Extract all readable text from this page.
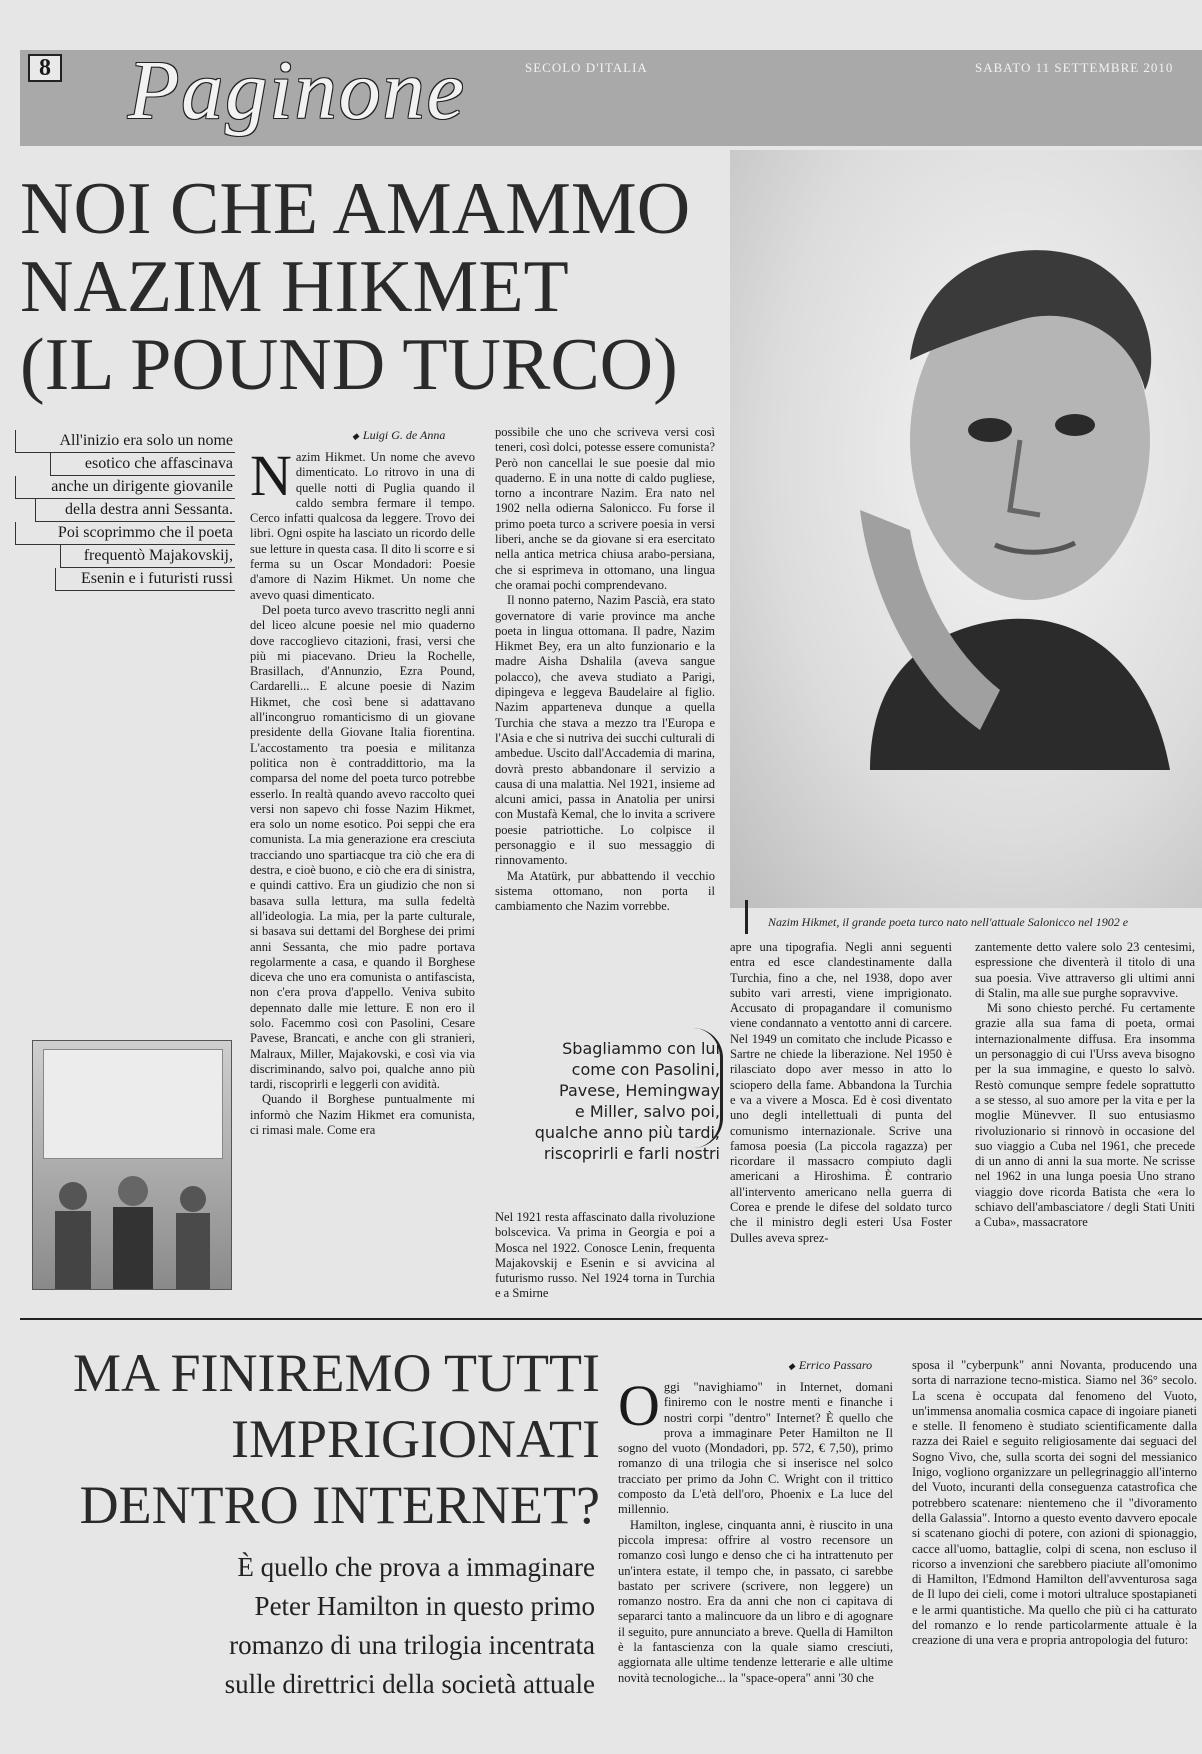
8 Paginone	SECOLO D'ITALIA	SABATO 11 SETTEMBRE 2010
NOI CHE AMAMMO
NAZIM HIKMET
(IL POUND TURCO)
Nazim Hikmet, il grande poeta turco nato nell'attuale Salonicco nel 1902 e
All'inizio era solo un nome
esotico che affascinava
anche un dirigente giovanile
della destra anni Sessanta.
Poi scoprimmo che il poeta
frequentò Majakovskij,
Esenin e i futuristi russi
◆ Luigi G. de Anna

Nazim Hikmet. Un nome che avevo dimenticato. Lo ritrovo in una di quelle notti di Puglia quando il caldo sembra fermare il tempo. Cerco infatti qualcosa da leggere. Trovo dei libri. Ogni ospite ha lasciato un ricordo delle sue letture in questa casa. Il dito li scorre e si ferma su un Oscar Mondadori: Poesie d'amore di Nazim Hikmet. Un nome che avevo quasi dimenticato.

Del poeta turco avevo trascritto negli anni del liceo alcune poesie nel mio quaderno dove raccoglievo citazioni, frasi, versi che più mi piacevano. Drieu la Rochelle, Brasillach, d'Annunzio, Ezra Pound, Cardarelli... E alcune poesie di Nazim Hikmet, che così bene si adattavano all'incongruo romanticismo di un giovane presidente della Giovane Italia fiorentina. L'accostamento tra poesia e militanza politica non è contraddittorio, ma la comparsa del nome del poeta turco potrebbe esserlo. In realtà quando avevo raccolto quei versi non sapevo chi fosse Nazim Hikmet, era solo un nome esotico. Poi seppi che era comunista. La mia generazione era cresciuta tracciando uno spartiacque tra ciò che era di destra, e cioè buono, e ciò che era di sinistra, e quindi cattivo. Era un giudizio che non si basava sulla lettura, ma sulla fedeltà all'ideologia. La mia, per la parte culturale, si basava sui dettami del Borghese dei primi anni Sessanta, che mio padre portava regolarmente a casa, e quando il Borghese diceva che uno era comunista o antifascista, non c'era prova d'appello. Veniva subito depennato dalle mie letture. E non ero il solo. Facemmo così con Pasolini, Cesare Pavese, Brancati, e anche con gli stranieri, Malraux, Miller, Majakovski, e così via via discriminando, salvo poi, qualche anno più tardi, riscoprirli e leggerli con avidità.

Quando il Borghese puntualmente mi informò che Nazim Hikmet era comunista, ci rimasi male. Come era

possibile che uno che scriveva versi così teneri, così dolci, potesse essere comunista? Però non cancellai le sue poesie dal mio quaderno. E in una notte di caldo pugliese, torno a incontrare Nazim. Era nato nel 1902 nella odierna Salonicco. Fu forse il primo poeta turco a scrivere poesia in versi liberi, anche se da giovane si era esercitato nella antica metrica chiusa arabo-persiana, che si esprimeva in ottomano, una lingua che oramai pochi comprendevano.

Il nonno paterno, Nazim Pascià, era stato governatore di varie province ma anche poeta in lingua ottomana. Il padre, Nazim Hikmet Bey, era un alto funzionario e la madre Aisha Dshalila (aveva sangue polacco), che aveva studiato a Parigi, dipingeva e leggeva Baudelaire al figlio. Nazim apparteneva dunque a quella Turchia che stava a mezzo tra l'Europa e l'Asia e che si nutriva dei succhi culturali di ambedue. Uscito dall'Accademia di marina, dovrà presto abbandonare il servizio a causa di una malattia. Nel 1921, insieme ad alcuni amici, passa in Anatolia per unirsi con Mustafà Kemal, che lo invita a scrivere poesie patriottiche. Lo colpisce il personaggio e il suo messaggio di rinnovamento.

Ma Atatürk, pur abbattendo il vecchio sistema ottomano, non porta il cambiamento che Nazim vorrebbe.

Sbagliammo con lui
come con Pasolini,
Pavese, Hemingway
e Miller, salvo poi,
qualche anno più tardi,
riscoprirli e farli nostri

Nel 1921 resta affascinato dalla rivoluzione bolscevica. Va prima in Georgia e poi a Mosca nel 1922. Conosce Lenin, frequenta Majakovskij e Esenin e si avvicina al futurismo russo. Nel 1924 torna in Turchia e a Smirne

apre una tipografia. Negli anni seguenti entra ed esce clandestinamente dalla Turchia, fino a che, nel 1938, dopo aver subito vari arresti, viene imprigionato. Accusato di propagandare il comunismo viene condannato a ventotto anni di carcere. Nel 1949 un comitato che include Picasso e Sartre ne chiede la liberazione. Nel 1950 è rilasciato dopo aver messo in atto lo sciopero della fame. Abbandona la Turchia e va a vivere a Mosca. Ed è così diventato uno degli intellettuali di punta del comunismo internazionale. Scrive una famosa poesia (La piccola ragazza) per ricordare il massacro compiuto dagli americani a Hiroshima. È contrario all'intervento americano nella guerra di Corea e prende le difese del soldato turco che il ministro degli esteri Usa Foster Dulles aveva sprez-

zantemente detto valere solo 23 centesimi, espressione che diventerà il titolo di una sua poesia. Vive attraverso gli ultimi anni di Stalin, ma alle sue purghe sopravvive.

Mi sono chiesto perché. Fu certamente grazie alla sua fama di poeta, ormai internazionalmente diffusa. Era insomma un personaggio di cui l'Urss aveva bisogno per la sua immagine, e questo lo salvò. Restò comunque sempre fedele soprattutto a se stesso, al suo amore per la vita e per la moglie Münevver. Il suo entusiasmo rivoluzionario si rinnovò in occasione del suo viaggio a Cuba nel 1961, che precede di un anno di anni la sua morte. Ne scrisse nel 1962 in una lunga poesia Uno strano viaggio dove ricorda Batista che «era lo schiavo dell'ambasciatore / degli Stati Uniti a Cuba», massacratore

MA FINIREMO TUTTI
IMPRIGIONATI
DENTRO INTERNET?
È quello che prova a immaginare
Peter Hamilton in questo primo
romanzo di una trilogia incentrata
sulle direttrici della società attuale
◆ Errico Passaro

Oggi "navighiamo" in Internet, domani finiremo con le nostre menti e finanche i nostri corpi "dentro" Internet? È quello che prova a immaginare Peter Hamilton ne Il sogno del vuoto (Mondadori, pp. 572, € 7,50), primo romanzo di una trilogia che si inserisce nel solco tracciato per primo da John C. Wright con il trittico composto da L'età dell'oro, Phoenix e La luce del millennio.

Hamilton, inglese, cinquanta anni, è riuscito in una piccola impresa: offrire al vostro recensore un romanzo così lungo e denso che ci ha intrattenuto per un'intera estate, il tempo che, in passato, ci sarebbe bastato per scrivere (scrivere, non leggere) un romanzo nostro. Era da anni che non ci capitava di separarci tanto a malincuore da un libro e di agognare il seguito, pure annunciato a breve. Quella di Hamilton è la fantascienza con la quale siamo cresciuti, aggiornata alle ultime tendenze letterarie e alle ultime novità tecnologiche... la "space-opera" anni '30 che

sposa il "cyberpunk" anni Novanta, producendo una sorta di narrazione tecno-mistica. Siamo nel 36° secolo. La scena è occupata dal fenomeno del Vuoto, un'immensa anomalia cosmica capace di ingoiare pianeti e stelle. Il fenomeno è studiato scientificamente dalla razza dei Raiel e seguito religiosamente dai seguaci del Sogno Vivo, che, sulla scorta dei sogni del messianico Inigo, vogliono organizzare un pellegrinaggio all'interno del Vuoto, incuranti della conseguenza catastrofica che potrebbero scatenare: nientemeno che il "divoramento della Galassia". Intorno a questo evento davvero epocale si scatenano giochi di potere, con azioni di spionaggio, cacce all'uomo, battaglie, colpi di scena, non escluso il ricorso a invenzioni che sarebbero piaciute all'omonimo di Hamilton, l'Edmond Hamilton dell'avventurosa saga de Il lupo dei cieli, come i motori ultraluce spostapianeti e le armi quantistiche. Ma quello che più ci ha catturato del romanzo e lo rende particolarmente attuale è la creazione di una vera e propria antropologia del futuro:
